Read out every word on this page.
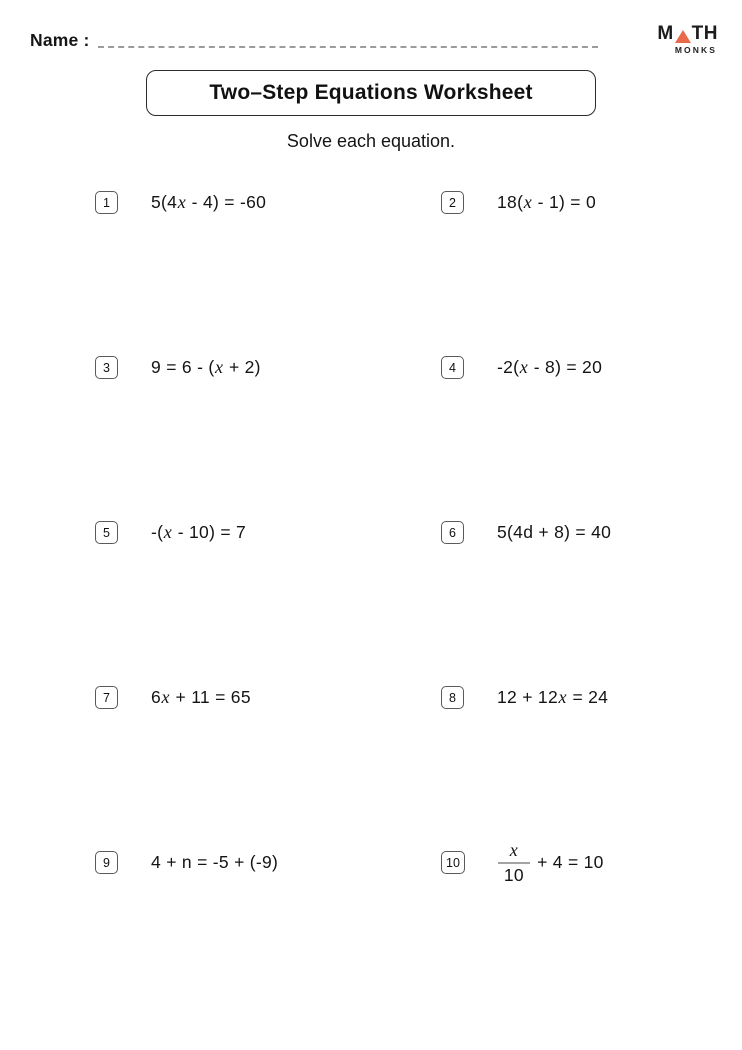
Name :	M TH
MONKS
Two–Step Equations Worksheet

Solve each equation.

1	5(4 x - 4) = -60	2	18( x - 1) = 0
3	9 = 6 - ( x + 2)	4	-2( x - 8) = 20
5	-( x - 10) = 7	6	5(4d + 8) = 40
7	6 x + 11 = 65	8	12 + 12 x = 24
9	4 + n = -5 + (-9)	$10 \frac{x}{10} + 4 = 10$
